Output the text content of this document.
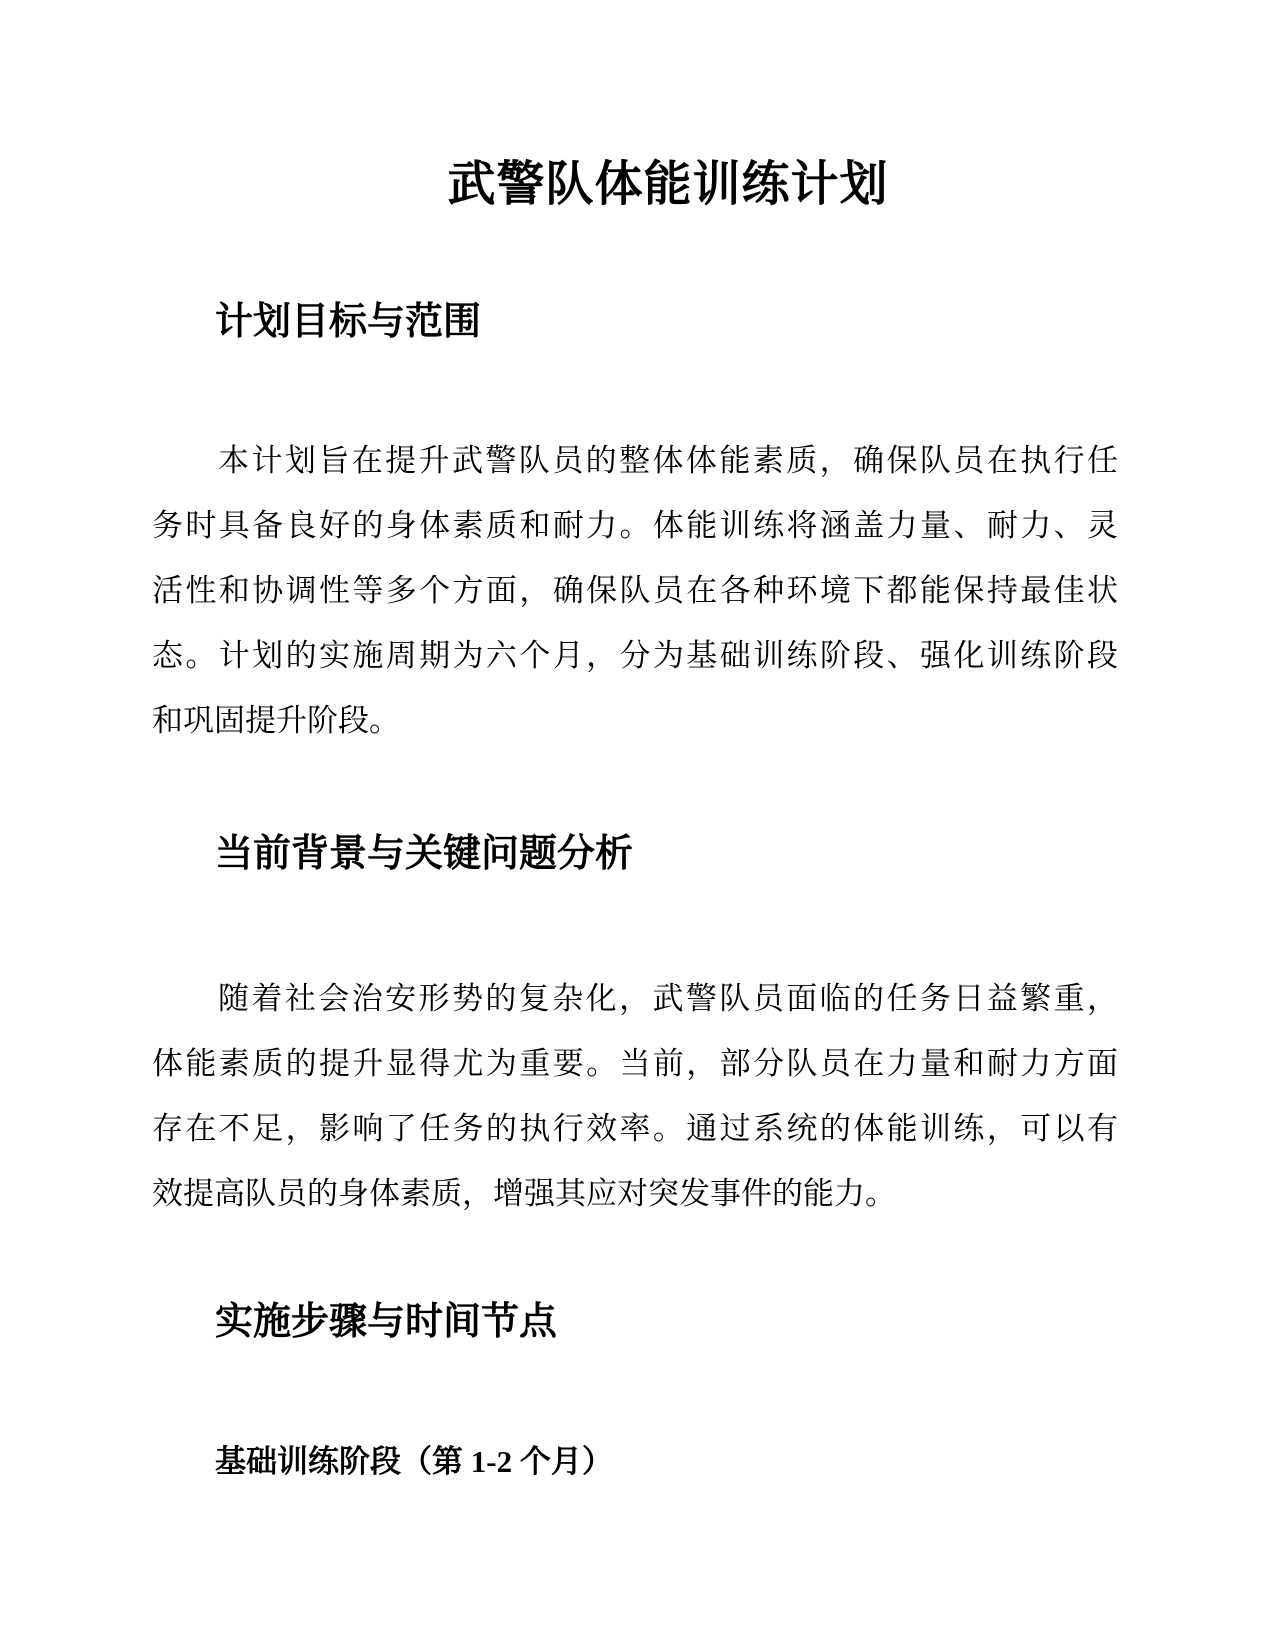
武警队体能训练计划
计划目标与范围
本计划旨在提升武警队员的整体体能素质，确保队员在执行任
务时具备良好的身体素质和耐力。体能训练将涵盖力量、耐力、灵
活性和协调性等多个方面，确保队员在各种环境下都能保持最佳状
态。计划的实施周期为六个月，分为基础训练阶段、强化训练阶段
和巩固提升阶段。
当前背景与关键问题分析
随着社会治安形势的复杂化，武警队员面临的任务日益繁重，
体能素质的提升显得尤为重要。当前，部分队员在力量和耐力方面
存在不足，影响了任务的执行效率。通过系统的体能训练，可以有
效提高队员的身体素质，增强其应对突发事件的能力。
实施步骤与时间节点
基础训练阶段（第 1-2 个月）
